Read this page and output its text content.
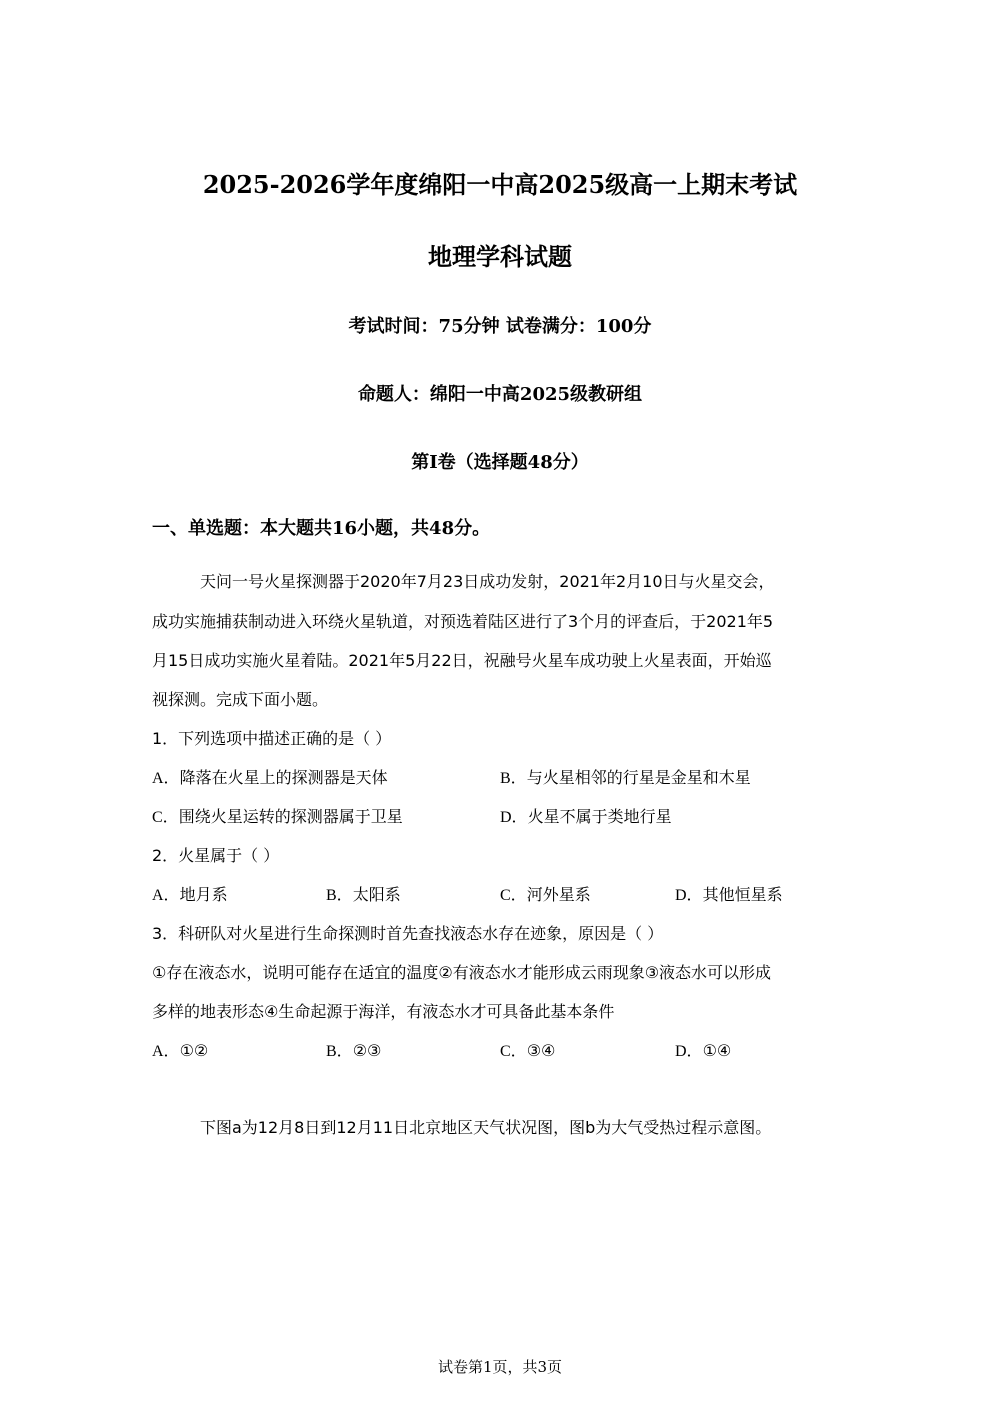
2025-2026学年度绵阳一中高2025级高一上期末考试
地理学科试题
考试时间：75分钟 试卷满分：100分
命题人：绵阳一中高2025级教研组
第I卷（选择题48分）
一、单选题：本大题共16小题，共48分。
天问一号火星探测器于2020年7月23日成功发射，2021年2月10日与火星交会，
成功实施捕获制动进入环绕火星轨道，对预选着陆区进行了3个月的评查后，于2021年5
月15日成功实施火星着陆。2021年5月22日，祝融号火星车成功驶上火星表面，开始巡
视探测。完成下面小题。
1．下列选项中描述正确的是（ ）
A．降落在火星上的探测器是天体	B．与火星相邻的行星是金星和木星
C．围绕火星运转的探测器属于卫星	D．火星不属于类地行星
2．火星属于（ ）
A．地月系	B．太阳系	C．河外星系	D．其他恒星系
3．科研队对火星进行生命探测时首先查找液态水存在迹象，原因是（ ）
①存在液态水，说明可能存在适宜的温度②有液态水才能形成云雨现象③液态水可以形成
多样的地表形态④生命起源于海洋，有液态水才可具备此基本条件
A．①②	B．②③	C．③④	D．①④
下图a为12月8日到12月11日北京地区天气状况图，图b为大气受热过程示意图。
试卷第1页，共3页
